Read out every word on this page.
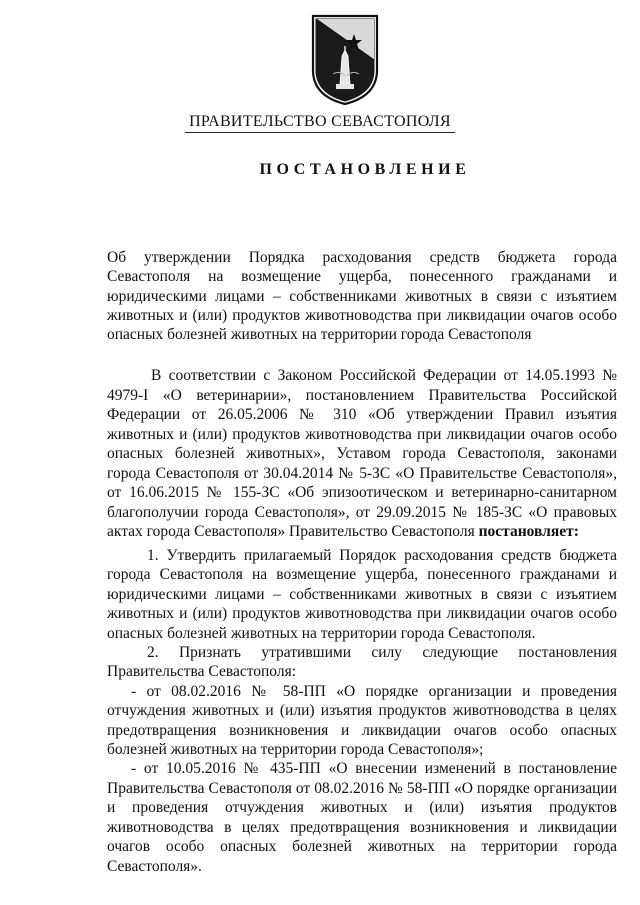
ПРАВИТЕЛЬСТВО СЕВАСТОПОЛЯ
ПОСТАНОВЛЕНИЕ
Об утверждении Порядка расходования средств бюджета города Севастополя на возмещение ущерба, понесенного гражданами и юридическими лицами – собственниками животных в связи с изъятием животных и (или) продуктов животноводства при ликвидации очагов особо опасных болезней животных на территории города Севастополя
В соответствии с Законом Российской Федерации от 14.05.1993 № 4979-I «О ветеринарии», постановлением Правительства Российской Федерации от 26.05.2006 № 310 «Об утверждении Правил изъятия животных и (или) продуктов животноводства при ликвидации очагов особо опасных болезней животных», Уставом города Севастополя, законами города Севастополя от 30.04.2014 № 5-ЗС «О Правительстве Севастополя», от 16.06.2015 № 155-ЗС «Об эпизоотическом и ветеринарно-санитарном благополучии города Севастополя», от 29.09.2015 № 185-ЗС «О правовых актах города Севастополя» Правительство Севастополя постановляет:

1. Утвердить прилагаемый Порядок расходования средств бюджета города Севастополя на возмещение ущерба, понесенного гражданами и юридическими лицами – собственниками животных в связи с изъятием животных и (или) продуктов животноводства при ликвидации очагов особо опасных болезней животных на территории города Севастополя.

2. Признать утратившими силу следующие постановления Правительства Севастополя:

- от 08.02.2016 № 58-ПП «О порядке организации и проведения отчуждения животных и (или) изъятия продуктов животноводства в целях предотвращения возникновения и ликвидации очагов особо опасных болезней животных на территории города Севастополя»;

- от 10.05.2016 № 435-ПП «О внесении изменений в постановление Правительства Севастополя от 08.02.2016 № 58-ПП «О порядке организации и проведения отчуждения животных и (или) изъятия продуктов животноводства в целях предотвращения возникновения и ликвидации очагов особо опасных болезней животных на территории города Севастополя».
